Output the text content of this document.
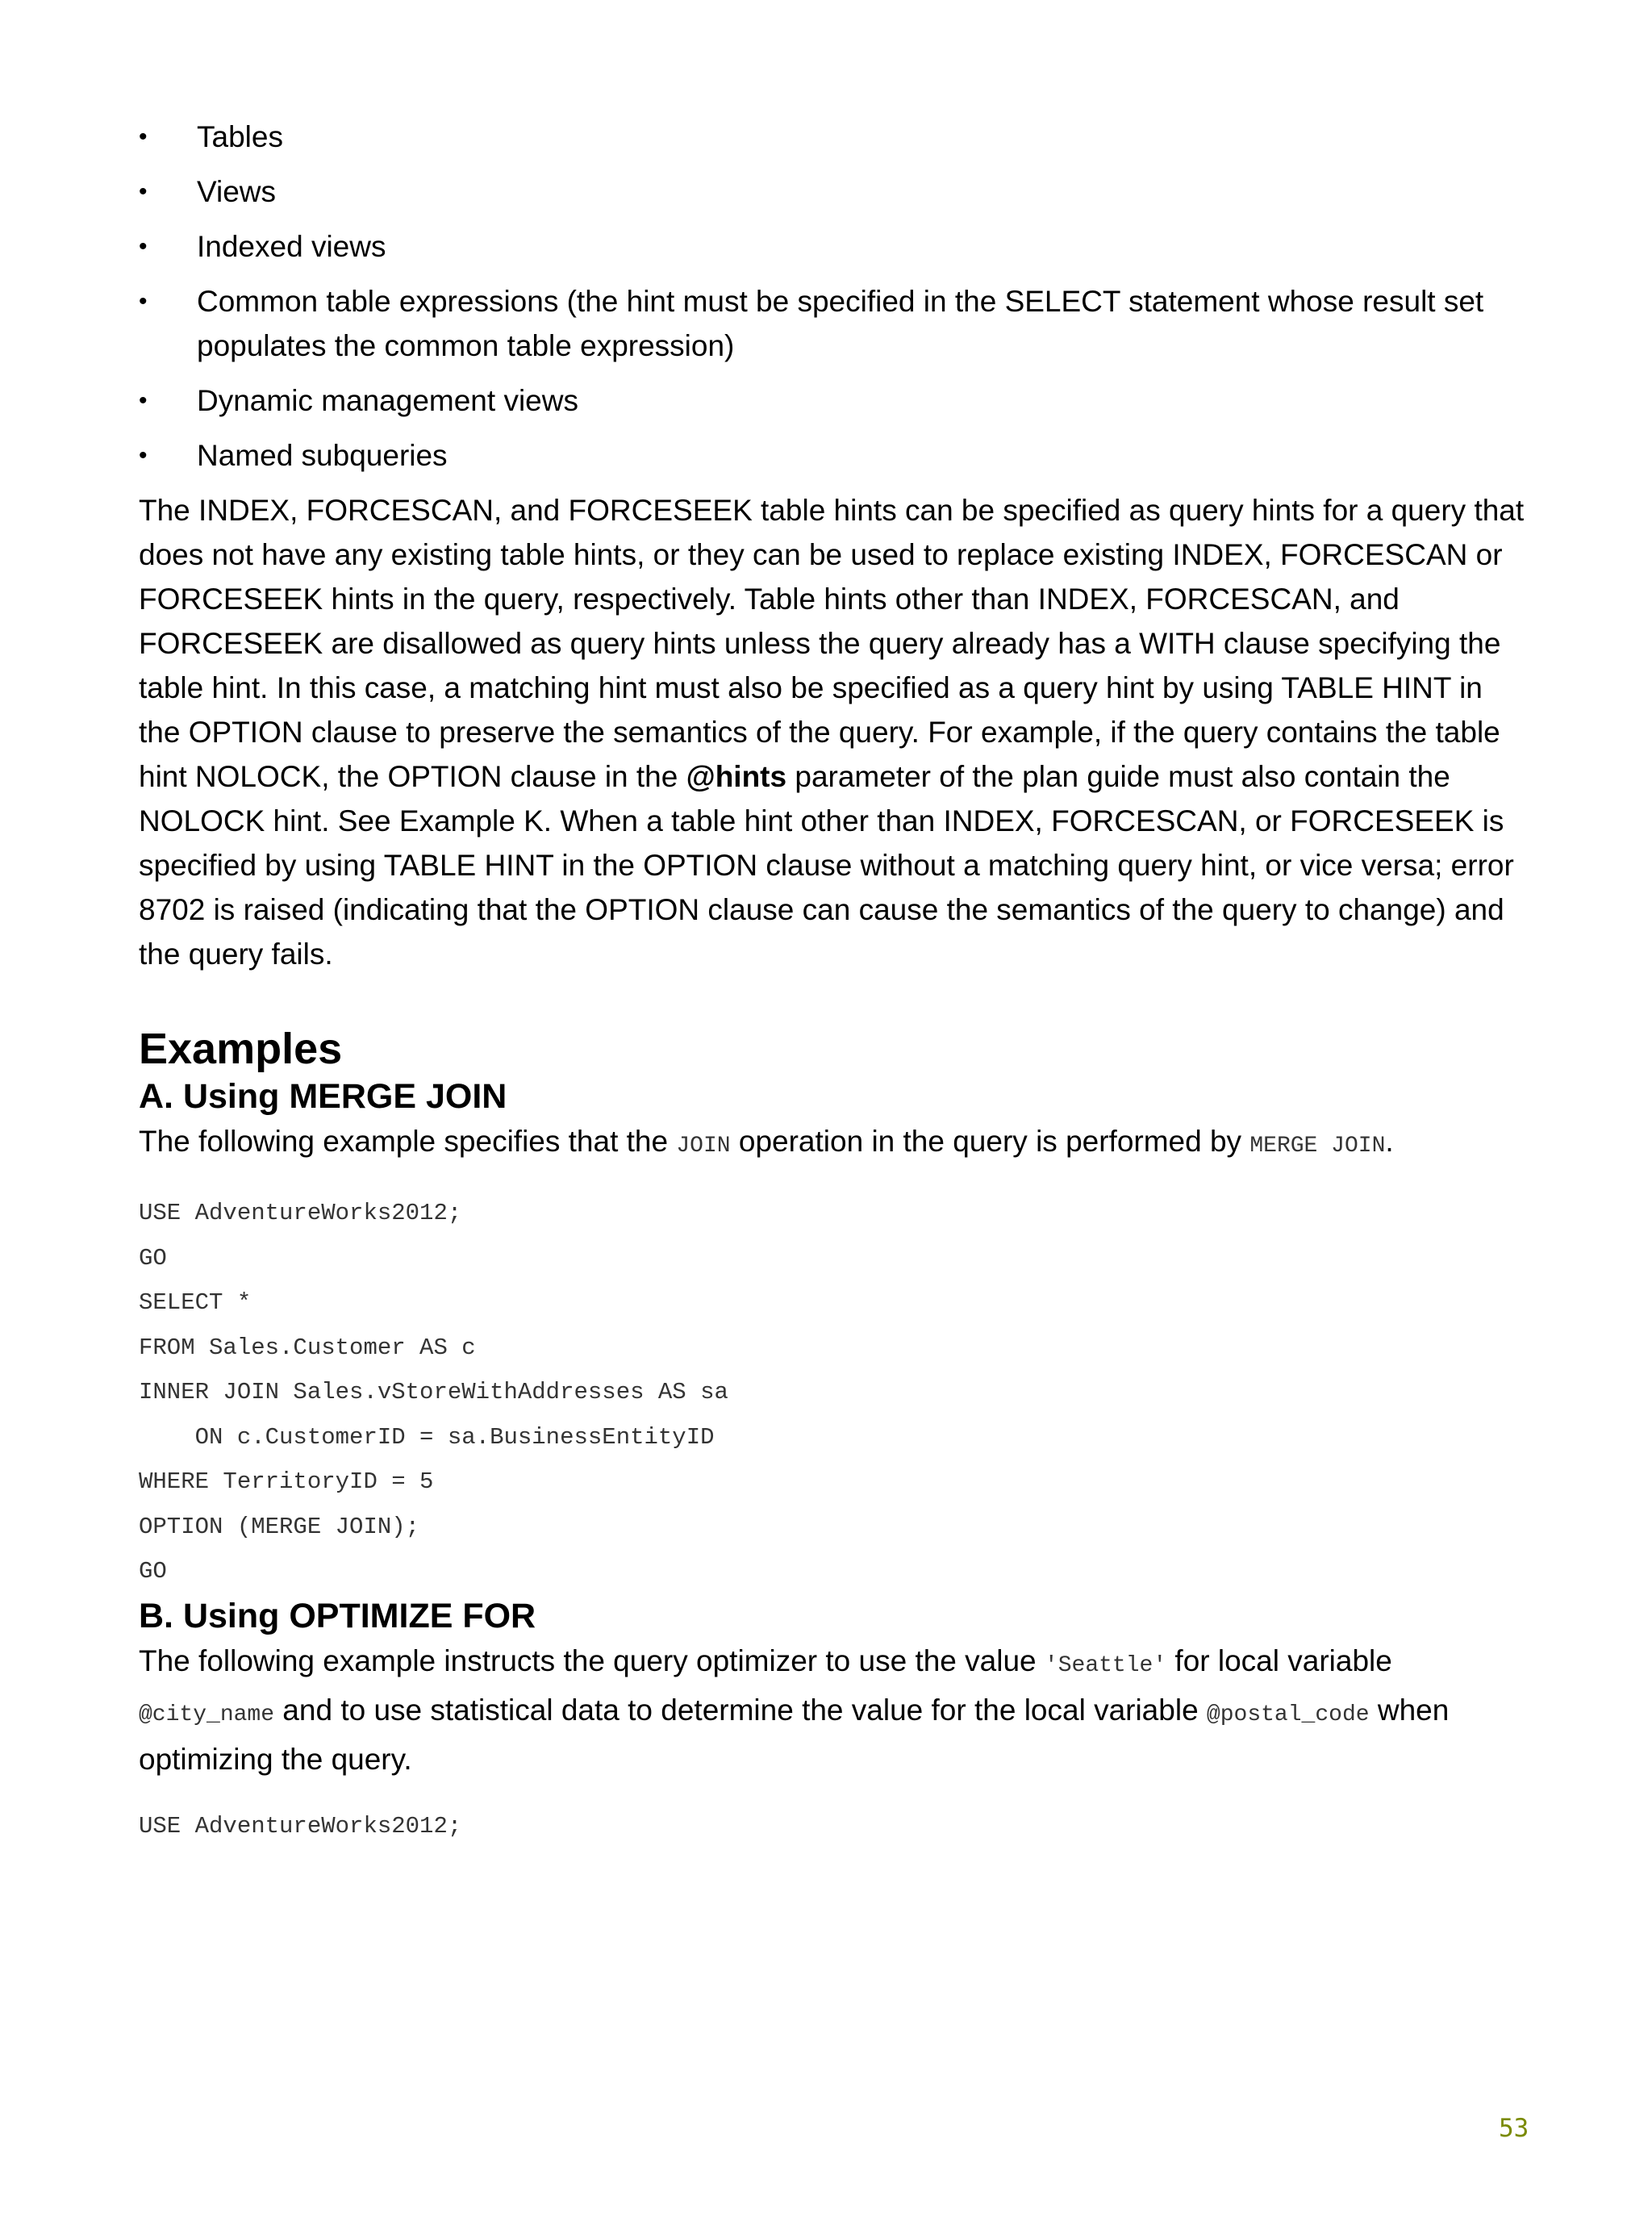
•	Tables
•	Views
•	Indexed views
•	Common table expressions (the hint must be specified in the SELECT statement whose result set populates the common table expression)
•	Dynamic management views
•	Named subqueries

The INDEX, FORCESCAN, and FORCESEEK table hints can be specified as query hints for a query that does not have any existing table hints, or they can be used to replace existing INDEX, FORCESCAN or FORCESEEK hints in the query, respectively. Table hints other than INDEX, FORCESCAN, and FORCESEEK are disallowed as query hints unless the query already has a WITH clause specifying the table hint. In this case, a matching hint must also be specified as a query hint by using TABLE HINT in the OPTION clause to preserve the semantics of the query. For example, if the query contains the table hint NOLOCK, the OPTION clause in the @hints parameter of the plan guide must also contain the NOLOCK hint. See Example K. When a table hint other than INDEX, FORCESCAN, or FORCESEEK is specified by using TABLE HINT in the OPTION clause without a matching query hint, or vice versa; error 8702 is raised (indicating that the OPTION clause can cause the semantics of the query to change) and the query fails.

Examples
A. Using MERGE JOIN

The following example specifies that the JOIN operation in the query is performed by MERGE JOIN.

USE AdventureWorks2012;
GO
SELECT *
FROM Sales.Customer AS c
INNER JOIN Sales.vStoreWithAddresses AS sa
ON c.CustomerID = sa.BusinessEntityID
WHERE TerritoryID = 5
OPTION (MERGE JOIN);
GO
B. Using OPTIMIZE FOR

The following example instructs the query optimizer to use the value 'Seattle' for local variable @city_name and to use statistical data to determine the value for the local variable @postal_code when optimizing the query.

USE AdventureWorks2012;
53
